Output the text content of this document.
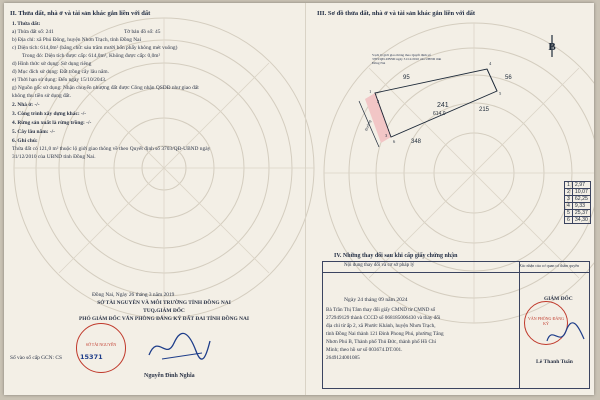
II. Thửa đất, nhà ở và tài sản khác gắn liền với đất
1. Thửa đất:
a) Thửa đất số: 241	Tờ bản đồ số: 45
b) Địa chỉ: xã Phú Đông, huyện Nhơn Trạch, tỉnh Đồng Nai
c) Diện tích: 614,0m² (bằng chữ: sáu trăm mười bốn phẩy không mét vuông)
Trong đó: Diện tích được cấp: 614,0m², Không được cấp: 0,0m²
d) Hình thức sử dụng: Sử dụng riêng
đ) Mục đích sử dụng: Đất trồng cây lâu năm.
e) Thời hạn sử dụng: Đến ngày 15/10/2043.
g) Nguồn gốc sử dụng: Nhận chuyển nhượng đất được Công nhận QSDĐ như giao đất
không thu tiền sử dụng đất.
2. Nhà ở: -/-
3. Công trình xây dựng khác: -/-
4. Rừng sản xuất là rừng trồng: -/-
5. Cây lâu năm: -/-
6. Ghi chú:
Thửa đất có 121,0 m² thuộc lộ giới giao thông về theo Quyết định số 3703/QĐ-UBND ngày
31/12/2010 của UBND tỉnh Đồng Nai.
Đồng Nai, Ngày 26 tháng 3 năm 2019
SỞ TÀI NGUYÊN VÀ MÔI TRƯỜNG TỈNH ĐỒNG NAI
TUQ.GIÁM ĐỐC
PHÓ GIÁM ĐỐC VĂN PHÒNG ĐĂNG KÝ ĐẤT ĐAI TỈNH ĐỒNG NAI
SỞ TÀI NGUYÊN
Số vào sổ cấp GCN: CS	15371
Nguyễn Đình Nghĩa
III. Sơ đồ thửa đất, nhà ở và tài sản khác gắn liền với đất
B
Đường
241
614,0
95	56
215
348
1
2
3
4
5
6
Vạch lộ giới giao thông theo Quyết định số 3703/QĐ-UBND ngày 31/12/2010 của UBND tỉnh Đồng Nai
1	2,97
2	10,07
3	62,25
4	9,33
5	25,37
6	34,30
IV. Những thay đổi sau khi cấp giấy chứng nhận
Nội dung thay đổi và cơ sở pháp lý	Xác nhận của cơ quan có thẩm quyền
Ngày 24 tháng 09 năm 2024
Bà Trần Thị Tâm thay đổi giấy CMND từ CMND số
272949129 thành CCCD số 068185006430 và thay đổi
địa chỉ từ ấp 2, xã Phước Khánh, huyện Nhơn Trạch,
tỉnh Đồng Nai thành 121 Đình Phong Phú, phường Tăng
Nhơn Phú B, Thành phố Thủ Đức, thành phố Hồ Chí
Minh; theo hồ sơ số 003674.DT.001.
2649124001085
GIÁM ĐỐC
VĂN PHÒNG ĐĂNG KÝ
Lê Thanh Tuấn
